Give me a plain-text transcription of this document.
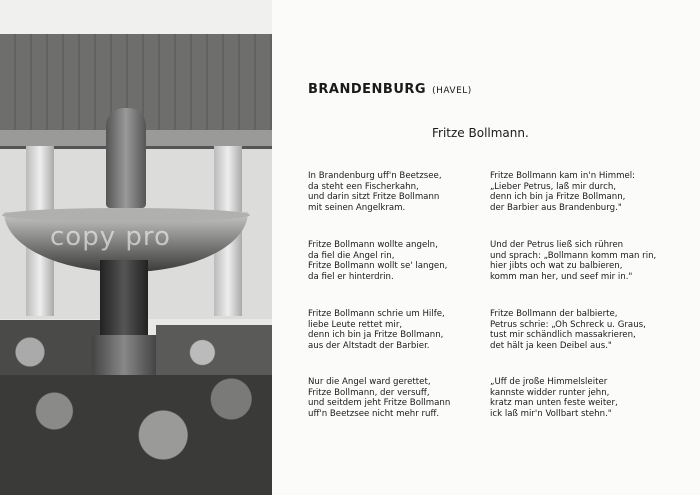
copy pro
BRANDENBURG (HAVEL)
Fritze Bollmann.
In Brandenburg uff'n Beetzsee,
da steht een Fischerkahn,
und darin sitzt Fritze Bollmann
mit seinen Angelkram.
Fritze Bollmann kam in'n Himmel:
„Lieber Petrus, laß mir durch,
denn ich bin ja Fritze Bollmann,
der Barbier aus Brandenburg."
Fritze Bollmann wollte angeln,
da fiel die Angel rin,
Fritze Bollmann wollt se' langen,
da fiel er hinterdrin.
Und der Petrus ließ sich rühren
und sprach: „Bollmann komm man rin,
hier jibts och wat zu balbieren,
komm man her, und seef mir in."
Fritze Bollmann schrie um Hilfe,
liebe Leute rettet mir,
denn ich bin ja Fritze Bollmann,
aus der Altstadt der Barbier.
Fritze Bollmann der balbierte,
Petrus schrie: „Oh Schreck u. Graus,
tust mir schändlich massakrieren,
det hält ja keen Deibel aus."
Nur die Angel ward gerettet,
Fritze Bollmann, der versuff,
und seitdem jeht Fritze Bollmann
uff'n Beetzsee nicht mehr ruff.
„Uff de jroße Himmelsleiter
kannste widder runter jehn,
kratz man unten feste weiter,
ick laß mir'n Vollbart stehn."
